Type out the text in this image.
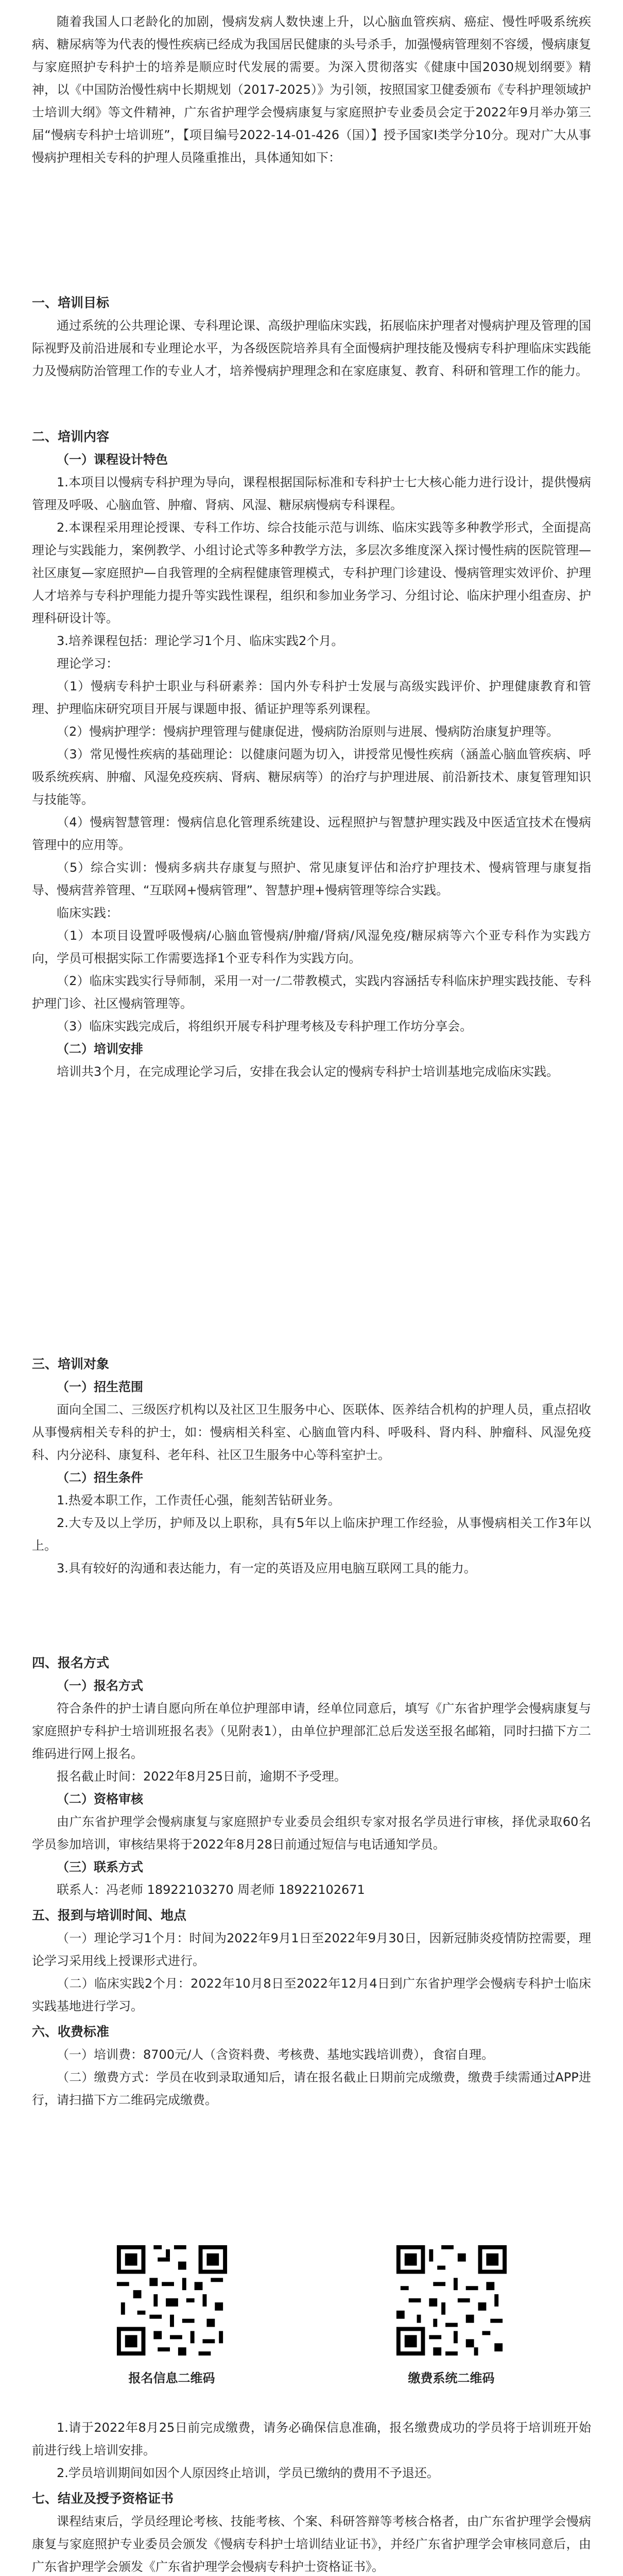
随着我国人口老龄化的加剧，慢病发病人数快速上升，以心脑血管疾病、癌症、慢性呼吸系统疾病、糖尿病等为代表的慢性疾病已经成为我国居民健康的头号杀手，加强慢病管理刻不容缓，慢病康复与家庭照护专科护士的培养是顺应时代发展的需要。为深入贯彻落实《健康中国2030规划纲要》精神，以《中国防治慢性病中长期规划（2017-2025）》为引领，按照国家卫健委颁布《专科护理领域护士培训大纲》等文件精神，广东省护理学会慢病康复与家庭照护专业委员会定于2022年9月举办第三届“慢病专科护士培训班”，【项目编号2022-14-01-426（国）】授予国家I类学分10分。现对广大从事慢病护理相关专科的护理人员隆重推出，具体通知如下：

一、培训目标

通过系统的公共理论课、专科理论课、高级护理临床实践，拓展临床护理者对慢病护理及管理的国际视野及前沿进展和专业理论水平，为各级医院培养具有全面慢病护理技能及慢病专科护理临床实践能力及慢病防治管理工作的专业人才，培养慢病护理理念和在家庭康复、教育、科研和管理工作的能力。

二、培训内容

（一）课程设计特色

1.本项目以慢病专科护理为导向，课程根据国际标准和专科护士七大核心能力进行设计，提供慢病管理及呼吸、心脑血管、肿瘤、肾病、风湿、糖尿病慢病专科课程。

2.本课程采用理论授课、专科工作坊、综合技能示范与训练、临床实践等多种教学形式，全面提高理论与实践能力，案例教学、小组讨论式等多种教学方法，多层次多维度深入探讨慢性病的医院管理—社区康复—家庭照护—自我管理的全病程健康管理模式，专科护理门诊建设、慢病管理实效评价、护理人才培养与专科护理能力提升等实践性课程，组织和参加业务学习、分组讨论、临床护理小组查房、护理科研设计等。

3.培养课程包括：理论学习1个月、临床实践2个月。

理论学习：

（1）慢病专科护士职业与科研素养：国内外专科护士发展与高级实践评价、护理健康教育和管理、护理临床研究项目开展与课题申报、循证护理等系列课程。

（2）慢病护理学：慢病护理管理与健康促进，慢病防治原则与进展、慢病防治康复护理等。

（3）常见慢性疾病的基础理论：以健康问题为切入，讲授常见慢性疾病（涵盖心脑血管疾病、呼吸系统疾病、肿瘤、风湿免疫疾病、肾病、糖尿病等）的治疗与护理进展、前沿新技术、康复管理知识与技能等。

（4）慢病智慧管理：慢病信息化管理系统建设、远程照护与智慧护理实践及中医适宜技术在慢病管理中的应用等。

（5）综合实训：慢病多病共存康复与照护、常见康复评估和治疗护理技术、慢病管理与康复指导、慢病营养管理、“互联网+慢病管理”、智慧护理+慢病管理等综合实践。

临床实践：

（1）本项目设置呼吸慢病/心脑血管慢病/肿瘤/肾病/风湿免疫/糖尿病等六个亚专科作为实践方向，学员可根据实际工作需要选择1个亚专科作为实践方向。

（2）临床实践实行导师制，采用一对一/二带教模式，实践内容涵括专科临床护理实践技能、专科护理门诊、社区慢病管理等。

（3）临床实践完成后，将组织开展专科护理考核及专科护理工作坊分享会。

（二）培训安排

培训共3个月，在完成理论学习后，安排在我会认定的慢病专科护士培训基地完成临床实践。

三、培训对象

（一）招生范围

面向全国二、三级医疗机构以及社区卫生服务中心、医联体、医养结合机构的护理人员，重点招收从事慢病相关专科的护士，如：慢病相关科室、心脑血管内科、呼吸科、肾内科、肿瘤科、风湿免疫科、内分泌科、康复科、老年科、社区卫生服务中心等科室护士。

（二）招生条件

1.热爱本职工作，工作责任心强，能刻苦钻研业务。

2.大专及以上学历，护师及以上职称，具有5年以上临床护理工作经验，从事慢病相关工作3年以上。

3.具有较好的沟通和表达能力，有一定的英语及应用电脑互联网工具的能力。

四、报名方式

（一）报名方式

符合条件的护士请自愿向所在单位护理部申请，经单位同意后，填写《广东省护理学会慢病康复与家庭照护专科护士培训班报名表》（见附表1），由单位护理部汇总后发送至报名邮箱，同时扫描下方二维码进行网上报名。

报名截止时间：2022年8月25日前，逾期不予受理。

（二）资格审核

由广东省护理学会慢病康复与家庭照护专业委员会组织专家对报名学员进行审核，择优录取60名学员参加培训，审核结果将于2022年8月28日前通过短信与电话通知学员。

（三）联系方式

联系人：冯老师 18922103270 周老师 18922102671

五、报到与培训时间、地点

（一）理论学习1个月：时间为2022年9月1日至2022年9月30日，因新冠肺炎疫情防控需要，理论学习采用线上授课形式进行。

（二）临床实践2个月：2022年10月8日至2022年12月4日到广东省护理学会慢病专科护士临床实践基地进行学习。

六、收费标准

（一）培训费：8700元/人（含资料费、考核费、基地实践培训费），食宿自理。

（二）缴费方式：学员在收到录取通知后，请在报名截止日期前完成缴费，缴费手续需通过APP进行，请扫描下方二维码完成缴费。

报名信息二维码	缴费系统二维码

1.请于2022年8月25日前完成缴费，请务必确保信息准确，报名缴费成功的学员将于培训班开始前进行线上培训安排。

2.学员培训期间如因个人原因终止培训，学员已缴纳的费用不予退还。

七、结业及授予资格证书

课程结束后，学员经理论考核、技能考核、个案、科研答辩等考核合格者，由广东省护理学会慢病康复与家庭照护专业委员会颁发《慢病专科护士培训结业证书》，并经广东省护理学会审核同意后，由广东省护理学会颁发《广东省护理学会慢病专科护士资格证书》。
